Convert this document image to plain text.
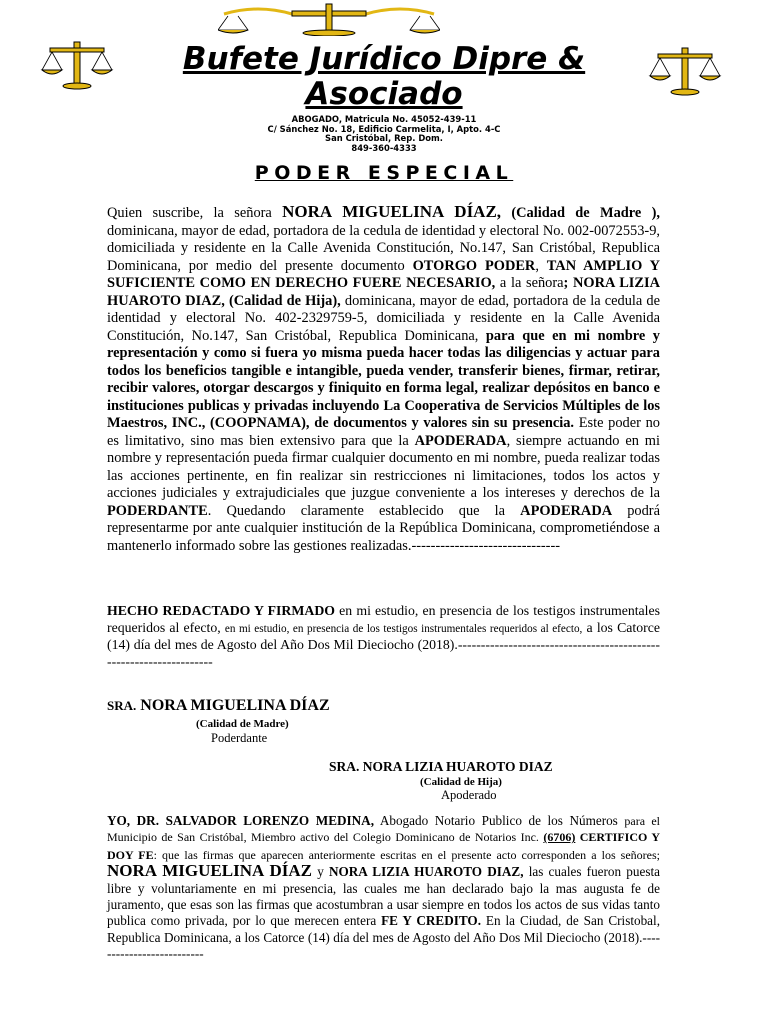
Bufete Jurídico Dipre & Asociado
ABOGADO, Matricula No. 45052-439-11
C/ Sánchez No. 18, Edificio Carmelita, I, Apto. 4-C
San Cristóbal, Rep. Dom.
849-360-4333
PODER ESPECIAL
Quien suscribe, la señora NORA MIGUELINA DÍAZ, (Calidad de Madre ), dominicana, mayor de edad, portadora de la cedula de identidad y electoral No. 002-0072553-9, domiciliada y residente en la Calle Avenida Constitución, No.147, San Cristóbal, Republica Dominicana, por medio del presente documento OTORGO PODER, TAN AMPLIO Y SUFICIENTE COMO EN DERECHO FUERE NECESARIO, a la señora; NORA LIZIA HUAROTO DIAZ, (Calidad de Hija), dominicana, mayor de edad, portadora de la cedula de identidad y electoral No. 402-2329759-5, domiciliada y residente en la Calle Avenida Constitución, No.147, San Cristóbal, Republica Dominicana, para que en mi nombre y representación y como si fuera yo misma pueda hacer todas las diligencias y actuar para todos los beneficios tangible e intangible, pueda vender, transferir bienes, firmar, retirar, recibir valores, otorgar descargos y finiquito en forma legal, realizar depósitos en banco e instituciones publicas y privadas incluyendo La Cooperativa de Servicios Múltiples de los Maestros, INC., (COOPNAMA), de documentos y valores sin su presencia. Este poder no es limitativo, sino mas bien extensivo para que la APODERADA, siempre actuando en mi nombre y representación pueda firmar cualquier documento en mi nombre, pueda realizar todas las acciones pertinente, en fin realizar sin restricciones ni limitaciones, todos los actos y acciones judiciales y extrajudiciales que juzgue conveniente a los intereses y derechos de la PODERDANTE. Quedando claramente establecido que la APODERADA podrá representarme por ante cualquier institución de la República Dominicana, comprometiéndose a mantenerlo informado sobre las gestiones realizadas.-------------------------------
HECHO REDACTADO Y FIRMADO en mi estudio, en presencia de los testigos instrumentales requeridos al efecto, en mi estudio, en presencia de los testigos instrumentales requeridos al efecto, a los Catorce (14) día del mes de Agosto del Año Dos Mil Dieciocho (2018).-------------------------------------------------------------------
SRA. NORA MIGUELINA DÍAZ
(Calidad de Madre)
Poderdante
SRA. NORA LIZIA HUAROTO DIAZ
(Calidad de Hija)
Apoderado
YO, DR. SALVADOR LORENZO MEDINA, Abogado Notario Publico de los Números para el Municipio de San Cristóbal, Miembro activo del Colegio Dominicano de Notarios Inc. (6706) CERTIFICO Y DOY FE: que las firmas que aparecen anteriormente escritas en el presente acto corresponden a los señores; NORA MIGUELINA DÍAZ y NORA LIZIA HUAROTO DIAZ, las cuales fueron puesta libre y voluntariamente en mi presencia, las cuales me han declarado bajo la mas augusta fe de juramento, que esas son las firmas que acostumbran a usar siempre en todos los actos de sus vidas tanto publica como privada, por lo que merecen entera FE Y CREDITO. En la Ciudad, de San Cristobal, Republica Dominicana, a los Catorce (14) día del mes de Agosto del Año Dos Mil Dieciocho (2018).--------------------------
